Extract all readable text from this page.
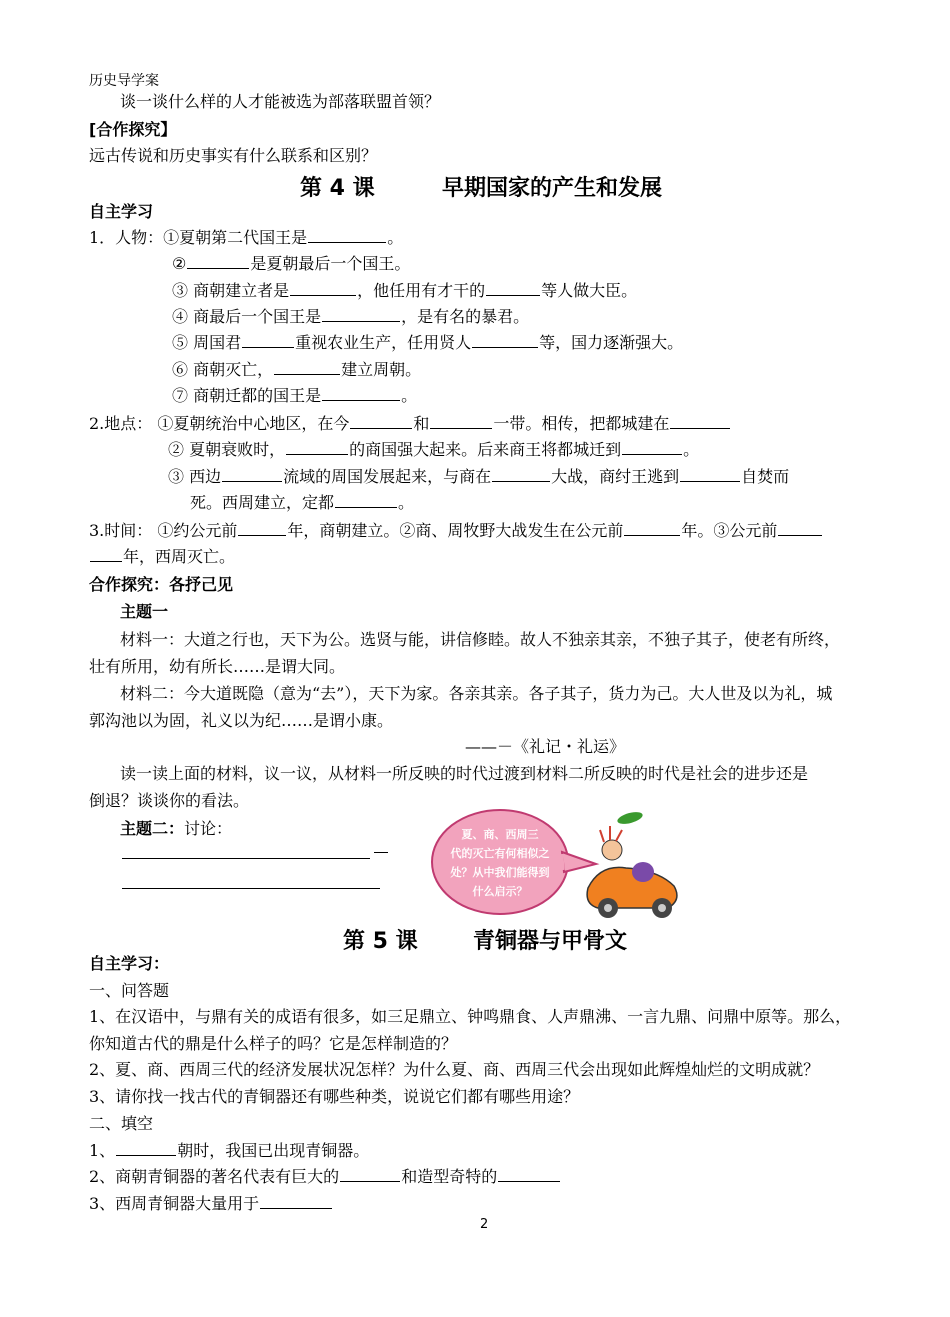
历史导学案
谈一谈什么样的人才能被选为部落联盟首领？
[合作探究】
远古传说和历史事实有什么联系和区别？
第 4 课	早期国家的产生和发展
自主学习
1．人物：①夏朝第二代国王是	。
②	是夏朝最后一个国王。
③ 商朝建立者是	，他任用有才干的	等人做大臣。
④ 商最后一个国王是	，是有名的暴君。
⑤ 周国君	重视农业生产，任用贤人	等，国力逐渐强大。
⑥ 商朝灭亡，	建立周朝。
⑦ 商朝迁都的国王是	。
2.地点： ①夏朝统治中心地区，在今	和	一带。相传，把都城建在
② 夏朝衰败时，	的商国强大起来。后来商王将都城迁到	。
③ 西边	流域的周国发展起来，与商在	大战，商纣王逃到	自焚而
死。西周建立，定都	。
3.时间： ①约公元前	年，商朝建立。②商、周牧野大战发生在公元前	年。③公元前
年，西周灭亡。
合作探究：各抒己见
主题一
材料一：大道之行也，天下为公。选贤与能，讲信修睦。故人不独亲其亲，不独子其子，使老有所终，
壮有所用，幼有所长……是谓大同。
材料二：今大道既隐（意为“去”），天下为家。各亲其亲。各子其子，货力为己。大人世及以为礼，城
郭沟池以为固，礼义以为纪……是谓小康。
——－《礼记・礼运》
读一读上面的材料，议一议，从材料一所反映的时代过渡到材料二所反映的时代是社会的进步还是
倒退？谈谈你的看法。
主题二：讨论：	夏、商、西周三
代的灭亡有何相似之
处？从中我们能得到
什么启示？
第 5 课	青铜器与甲骨文
自主学习：
一、问答题
1、在汉语中，与鼎有关的成语有很多，如三足鼎立、钟鸣鼎食、人声鼎沸、一言九鼎、问鼎中原等。那么，
你知道古代的鼎是什么样子的吗？它是怎样制造的？
2、夏、商、西周三代的经济发展状况怎样？为什么夏、商、西周三代会出现如此辉煌灿烂的文明成就？
3、请你找一找古代的青铜器还有哪些种类，说说它们都有哪些用途？
二、填空
1、	朝时，我国已出现青铜器。
2、商朝青铜器的著名代表有巨大的	和造型奇特的
3、西周青铜器大量用于
2
